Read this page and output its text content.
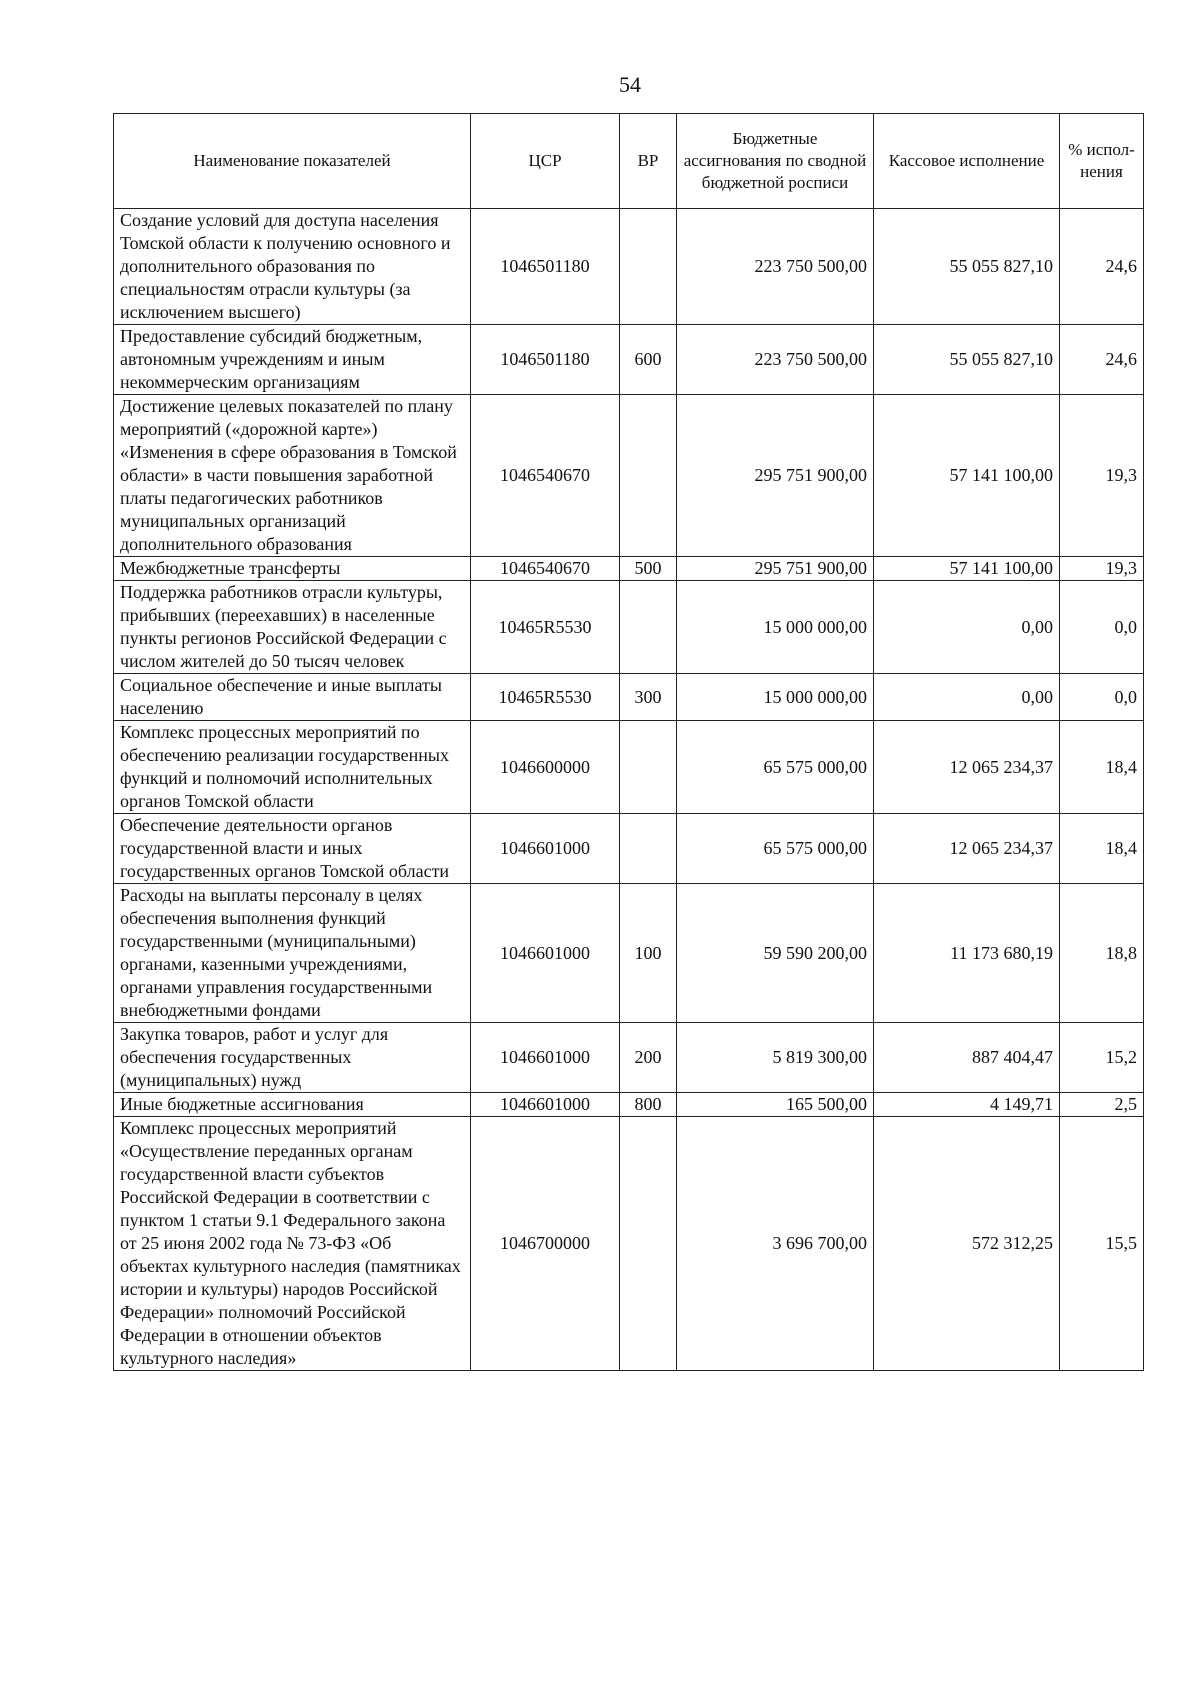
54
Наименование показателей	ЦСР	ВР	Бюджетные ассигнования по сводной бюджетной росписи	Кассовое исполнение	% испол-нения
Создание условий для доступа населения Томской области к получению основного и дополнительного образования по специальностям отрасли культуры (за исключением высшего)	1046501180		223 750 500,00	55 055 827,10	24,6
Предоставление субсидий бюджетным, автономным учреждениям и иным некоммерческим организациям	1046501180	600	223 750 500,00	55 055 827,10	24,6
Достижение целевых показателей по плану мероприятий («дорожной карте») «Изменения в сфере образования в Томской области» в части повышения заработной платы педагогических работников муниципальных организаций дополнительного образования	1046540670		295 751 900,00	57 141 100,00	19,3
Межбюджетные трансферты	1046540670	500	295 751 900,00	57 141 100,00	19,3
Поддержка работников отрасли культуры, прибывших (переехавших) в населенные пункты регионов Российской Федерации с числом жителей до 50 тысяч человек	10465R5530		15 000 000,00	0,00	0,0
Социальное обеспечение и иные выплаты населению	10465R5530	300	15 000 000,00	0,00	0,0
Комплекс процессных мероприятий по обеспечению реализации государственных функций и полномочий исполнительных органов Томской области	1046600000		65 575 000,00	12 065 234,37	18,4
Обеспечение деятельности органов государственной власти и иных государственных органов Томской области	1046601000		65 575 000,00	12 065 234,37	18,4
Расходы на выплаты персоналу в целях обеспечения выполнения функций государственными (муниципальными) органами, казенными учреждениями, органами управления государственными внебюджетными фондами	1046601000	100	59 590 200,00	11 173 680,19	18,8
Закупка товаров, работ и услуг для обеспечения государственных (муниципальных) нужд	1046601000	200	5 819 300,00	887 404,47	15,2
Иные бюджетные ассигнования	1046601000	800	165 500,00	4 149,71	2,5
Комплекс процессных мероприятий «Осуществление переданных органам государственной власти субъектов Российской Федерации в соответствии с пунктом 1 статьи 9.1 Федерального закона от 25 июня 2002 года № 73-ФЗ «Об объектах культурного наследия (памятниках истории и культуры) народов Российской Федерации» полномочий Российской Федерации в отношении объектов культурного наследия»	1046700000		3 696 700,00	572 312,25	15,5
